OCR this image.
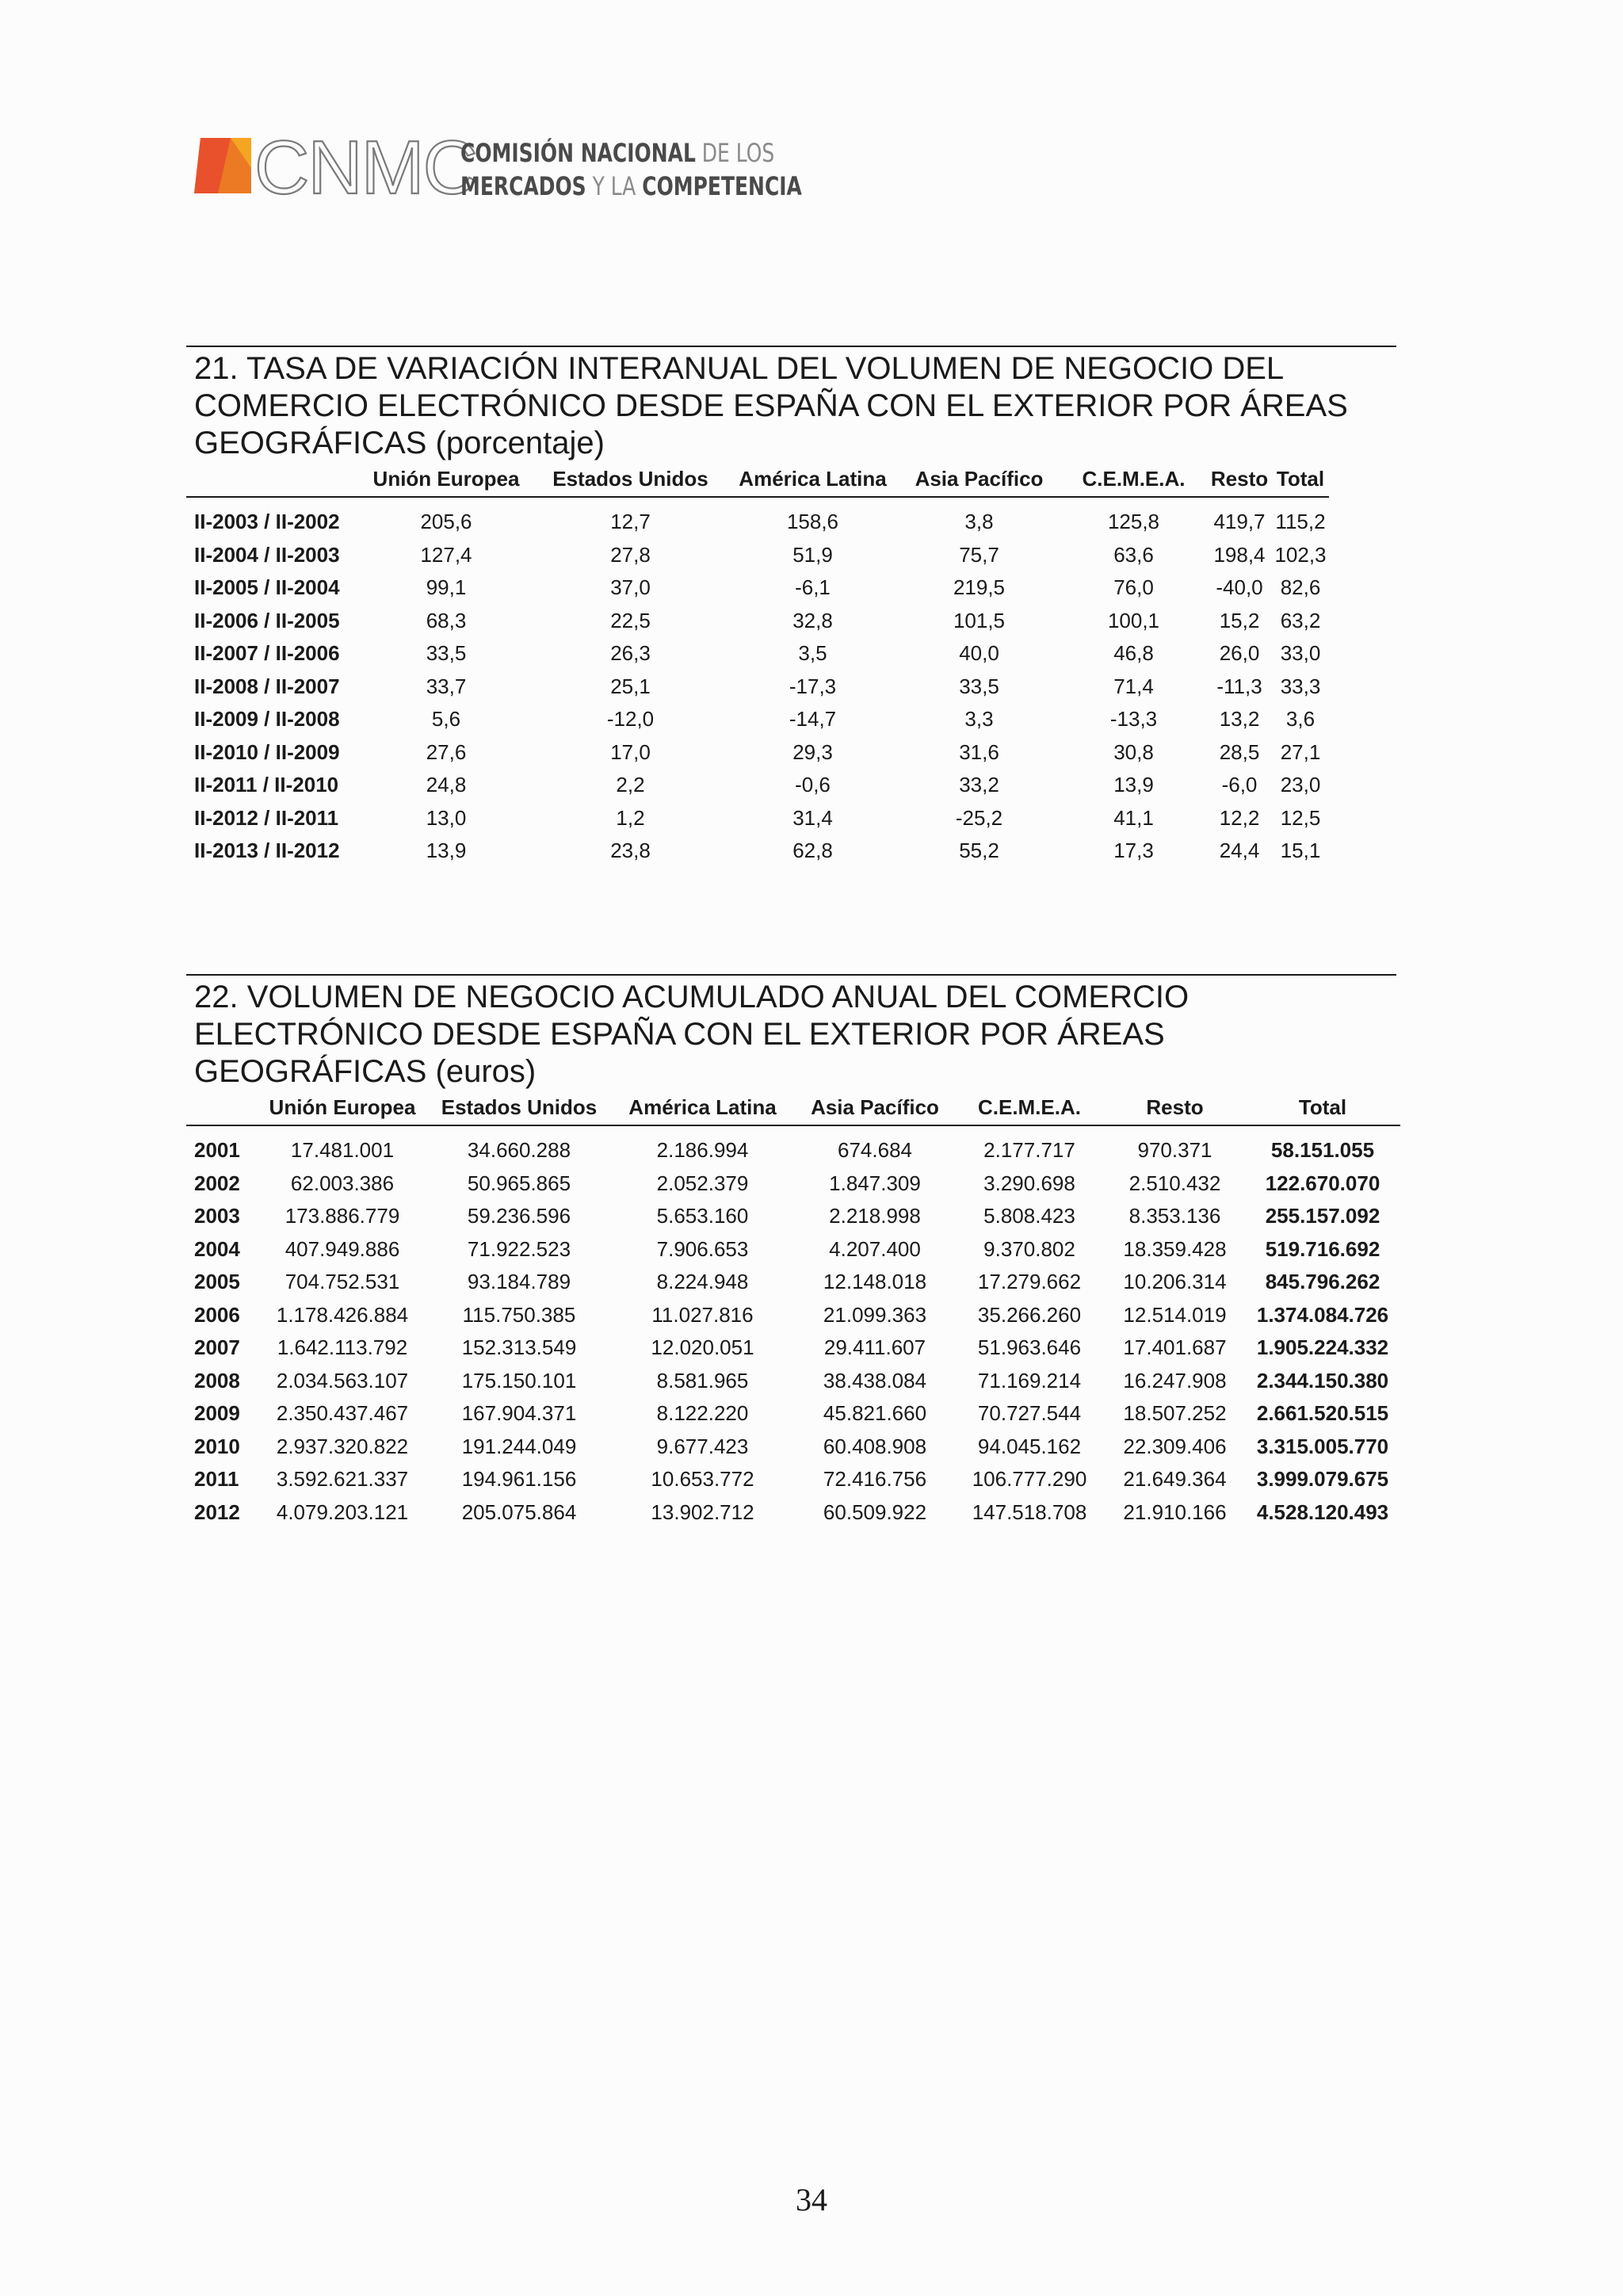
CNMC
COMISIÓN NACIONAL DE LOS
MERCADOS Y LA COMPETENCIA
21. TASA DE VARIACIÓN INTERANUAL DEL VOLUMEN DE NEGOCIO DEL
COMERCIO ELECTRÓNICO DESDE ESPAÑA CON EL EXTERIOR POR ÁREAS
GEOGRÁFICAS (porcentaje)
	Unión Europea	Estados Unidos	América Latina	Asia Pacífico	C.E.M.E.A.	Resto	Total
II-2003 / II-2002	205,6	12,7	158,6	3,8	125,8	419,7	115,2
II-2004 / II-2003	127,4	27,8	51,9	75,7	63,6	198,4	102,3
II-2005 / II-2004	99,1	37,0	-6,1	219,5	76,0	-40,0	82,6
II-2006 / II-2005	68,3	22,5	32,8	101,5	100,1	15,2	63,2
II-2007 / II-2006	33,5	26,3	3,5	40,0	46,8	26,0	33,0
II-2008 / II-2007	33,7	25,1	-17,3	33,5	71,4	-11,3	33,3
II-2009 / II-2008	5,6	-12,0	-14,7	3,3	-13,3	13,2	3,6
II-2010 / II-2009	27,6	17,0	29,3	31,6	30,8	28,5	27,1
II-2011 / II-2010	24,8	2,2	-0,6	33,2	13,9	-6,0	23,0
II-2012 / II-2011	13,0	1,2	31,4	-25,2	41,1	12,2	12,5
II-2013 / II-2012	13,9	23,8	62,8	55,2	17,3	24,4	15,1
22. VOLUMEN DE NEGOCIO ACUMULADO ANUAL DEL COMERCIO
ELECTRÓNICO DESDE ESPAÑA CON EL EXTERIOR POR ÁREAS
GEOGRÁFICAS (euros)
	Unión Europea	Estados Unidos	América Latina	Asia Pacífico	C.E.M.E.A.	Resto	Total
2001	17.481.001	34.660.288	2.186.994	674.684	2.177.717	970.371	58.151.055
2002	62.003.386	50.965.865	2.052.379	1.847.309	3.290.698	2.510.432	122.670.070
2003	173.886.779	59.236.596	5.653.160	2.218.998	5.808.423	8.353.136	255.157.092
2004	407.949.886	71.922.523	7.906.653	4.207.400	9.370.802	18.359.428	519.716.692
2005	704.752.531	93.184.789	8.224.948	12.148.018	17.279.662	10.206.314	845.796.262
2006	1.178.426.884	115.750.385	11.027.816	21.099.363	35.266.260	12.514.019	1.374.084.726
2007	1.642.113.792	152.313.549	12.020.051	29.411.607	51.963.646	17.401.687	1.905.224.332
2008	2.034.563.107	175.150.101	8.581.965	38.438.084	71.169.214	16.247.908	2.344.150.380
2009	2.350.437.467	167.904.371	8.122.220	45.821.660	70.727.544	18.507.252	2.661.520.515
2010	2.937.320.822	191.244.049	9.677.423	60.408.908	94.045.162	22.309.406	3.315.005.770
2011	3.592.621.337	194.961.156	10.653.772	72.416.756	106.777.290	21.649.364	3.999.079.675
2012	4.079.203.121	205.075.864	13.902.712	60.509.922	147.518.708	21.910.166	4.528.120.493
34
